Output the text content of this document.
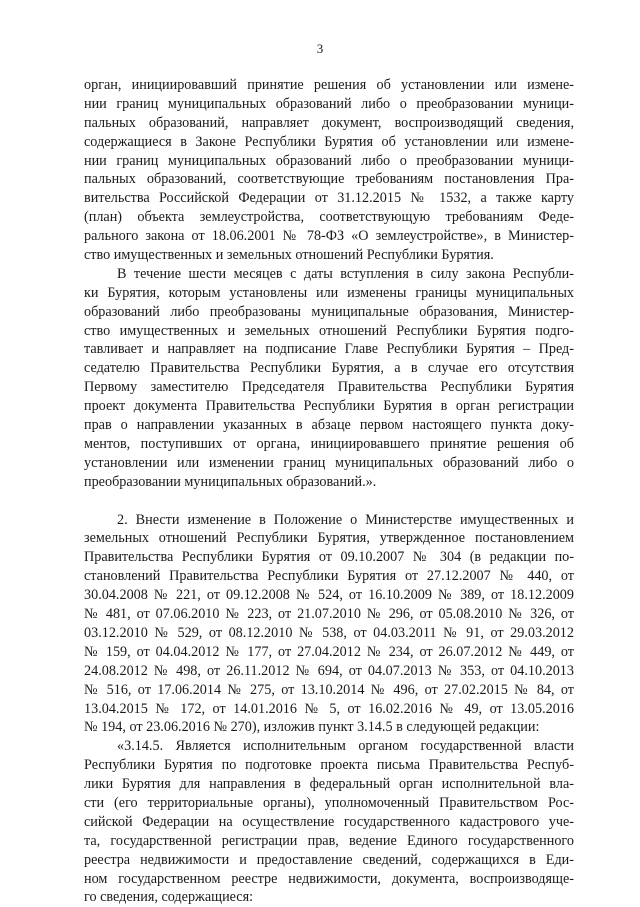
3
орган, инициировавший принятие решения об установлении или измене-
нии границ муниципальных образований либо о преобразовании муници-
пальных образований, направляет документ, воспроизводящий сведения,
содержащиеся в Законе Республики Бурятия об установлении или измене-
нии границ муниципальных образований либо о преобразовании муници-
пальных образований, соответствующие требованиям постановления Пра-
вительства Российской Федерации от 31.12.2015 № 1532, а также карту
(план) объекта землеустройства, соответствующую требованиям Феде-
рального закона от 18.06.2001 № 78-ФЗ «О землеустройстве», в Министер-
ство имущественных и земельных отношений Республики Бурятия.
В течение шести месяцев с даты вступления в силу закона Республи-
ки Бурятия, которым установлены или изменены границы муниципальных
образований либо преобразованы муниципальные образования, Министер-
ство имущественных и земельных отношений Республики Бурятия подго-
тавливает и направляет на подписание Главе Республики Бурятия – Пред-
седателю Правительства Республики Бурятия, а в случае его отсутствия
Первому заместителю Председателя Правительства Республики Бурятия
проект документа Правительства Республики Бурятия в орган регистрации
прав о направлении указанных в абзаце первом настоящего пункта доку-
ментов, поступивших от органа, инициировавшего принятие решения об
установлении или изменении границ муниципальных образований либо о
преобразовании муниципальных образований.».
2. Внести изменение в Положение о Министерстве имущественных и
земельных отношений Республики Бурятия, утвержденное постановлением
Правительства Республики Бурятия от 09.10.2007 № 304 (в редакции по-
становлений Правительства Республики Бурятия от 27.12.2007 № 440, от
30.04.2008 № 221, от 09.12.2008 № 524, от 16.10.2009 № 389, от 18.12.2009
№ 481, от 07.06.2010 № 223, от 21.07.2010 № 296, от 05.08.2010 № 326, от
03.12.2010 № 529, от 08.12.2010 № 538, от 04.03.2011 № 91, от 29.03.2012
№ 159, от 04.04.2012 № 177, от 27.04.2012 № 234, от 26.07.2012 № 449, от
24.08.2012 № 498, от 26.11.2012 № 694, от 04.07.2013 № 353, от 04.10.2013
№ 516, от 17.06.2014 № 275, от 13.10.2014 № 496, от 27.02.2015 № 84, от
13.04.2015 № 172, от 14.01.2016 № 5, от 16.02.2016 № 49, от 13.05.2016
№ 194, от 23.06.2016 № 270), изложив пункт 3.14.5 в следующей редакции:
«3.14.5. Является исполнительным органом государственной власти
Республики Бурятия по подготовке проекта письма Правительства Респуб-
лики Бурятия для направления в федеральный орган исполнительной вла-
сти (его территориальные органы), уполномоченный Правительством Рос-
сийской Федерации на осуществление государственного кадастрового уче-
та, государственной регистрации прав, ведение Единого государственного
реестра недвижимости и предоставление сведений, содержащихся в Еди-
ном государственном реестре недвижимости, документа, воспроизводяще-
го сведения, содержащиеся:
